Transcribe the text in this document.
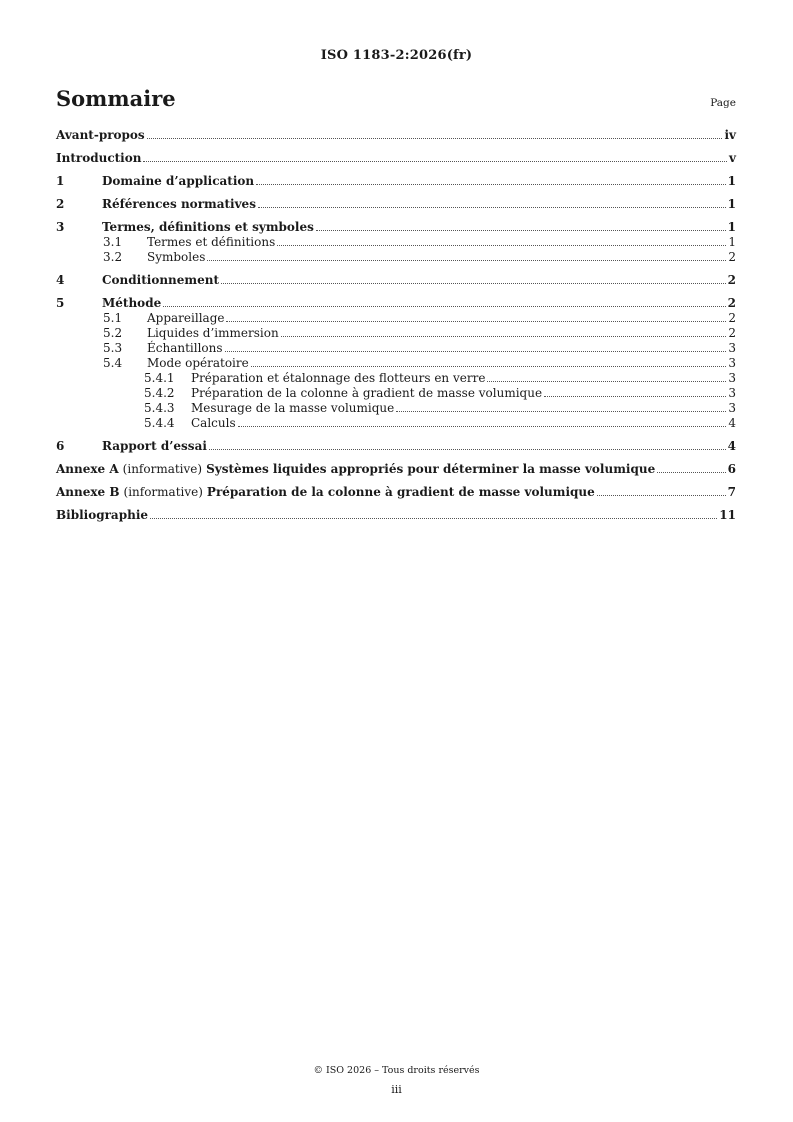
ISO 1183-2:2026(fr)
Sommaire	Page
Avant-propos	iv
Introduction	v
1	Domaine d’application	1
2	Références normatives	1
3	Termes, définitions et symboles	1
3.1	Termes et définitions	1
3.2	Symboles	2
4	Conditionnement	2
5	Méthode	2
5.1	Appareillage	2
5.2	Liquides d’immersion	2
5.3	Échantillons	3
5.4	Mode opératoire	3
5.4.1	Préparation et étalonnage des flotteurs en verre	3
5.4.2	Préparation de la colonne à gradient de masse volumique	3
5.4.3	Mesurage de la masse volumique	3
5.4.4	Calculs	4
6	Rapport d’essai	4
Annexe A (informative) Systèmes liquides appropriés pour déterminer la masse volumique	6
Annexe B (informative) Préparation de la colonne à gradient de masse volumique	7
Bibliographie	11
© ISO 2026 – Tous droits réservés
iii
